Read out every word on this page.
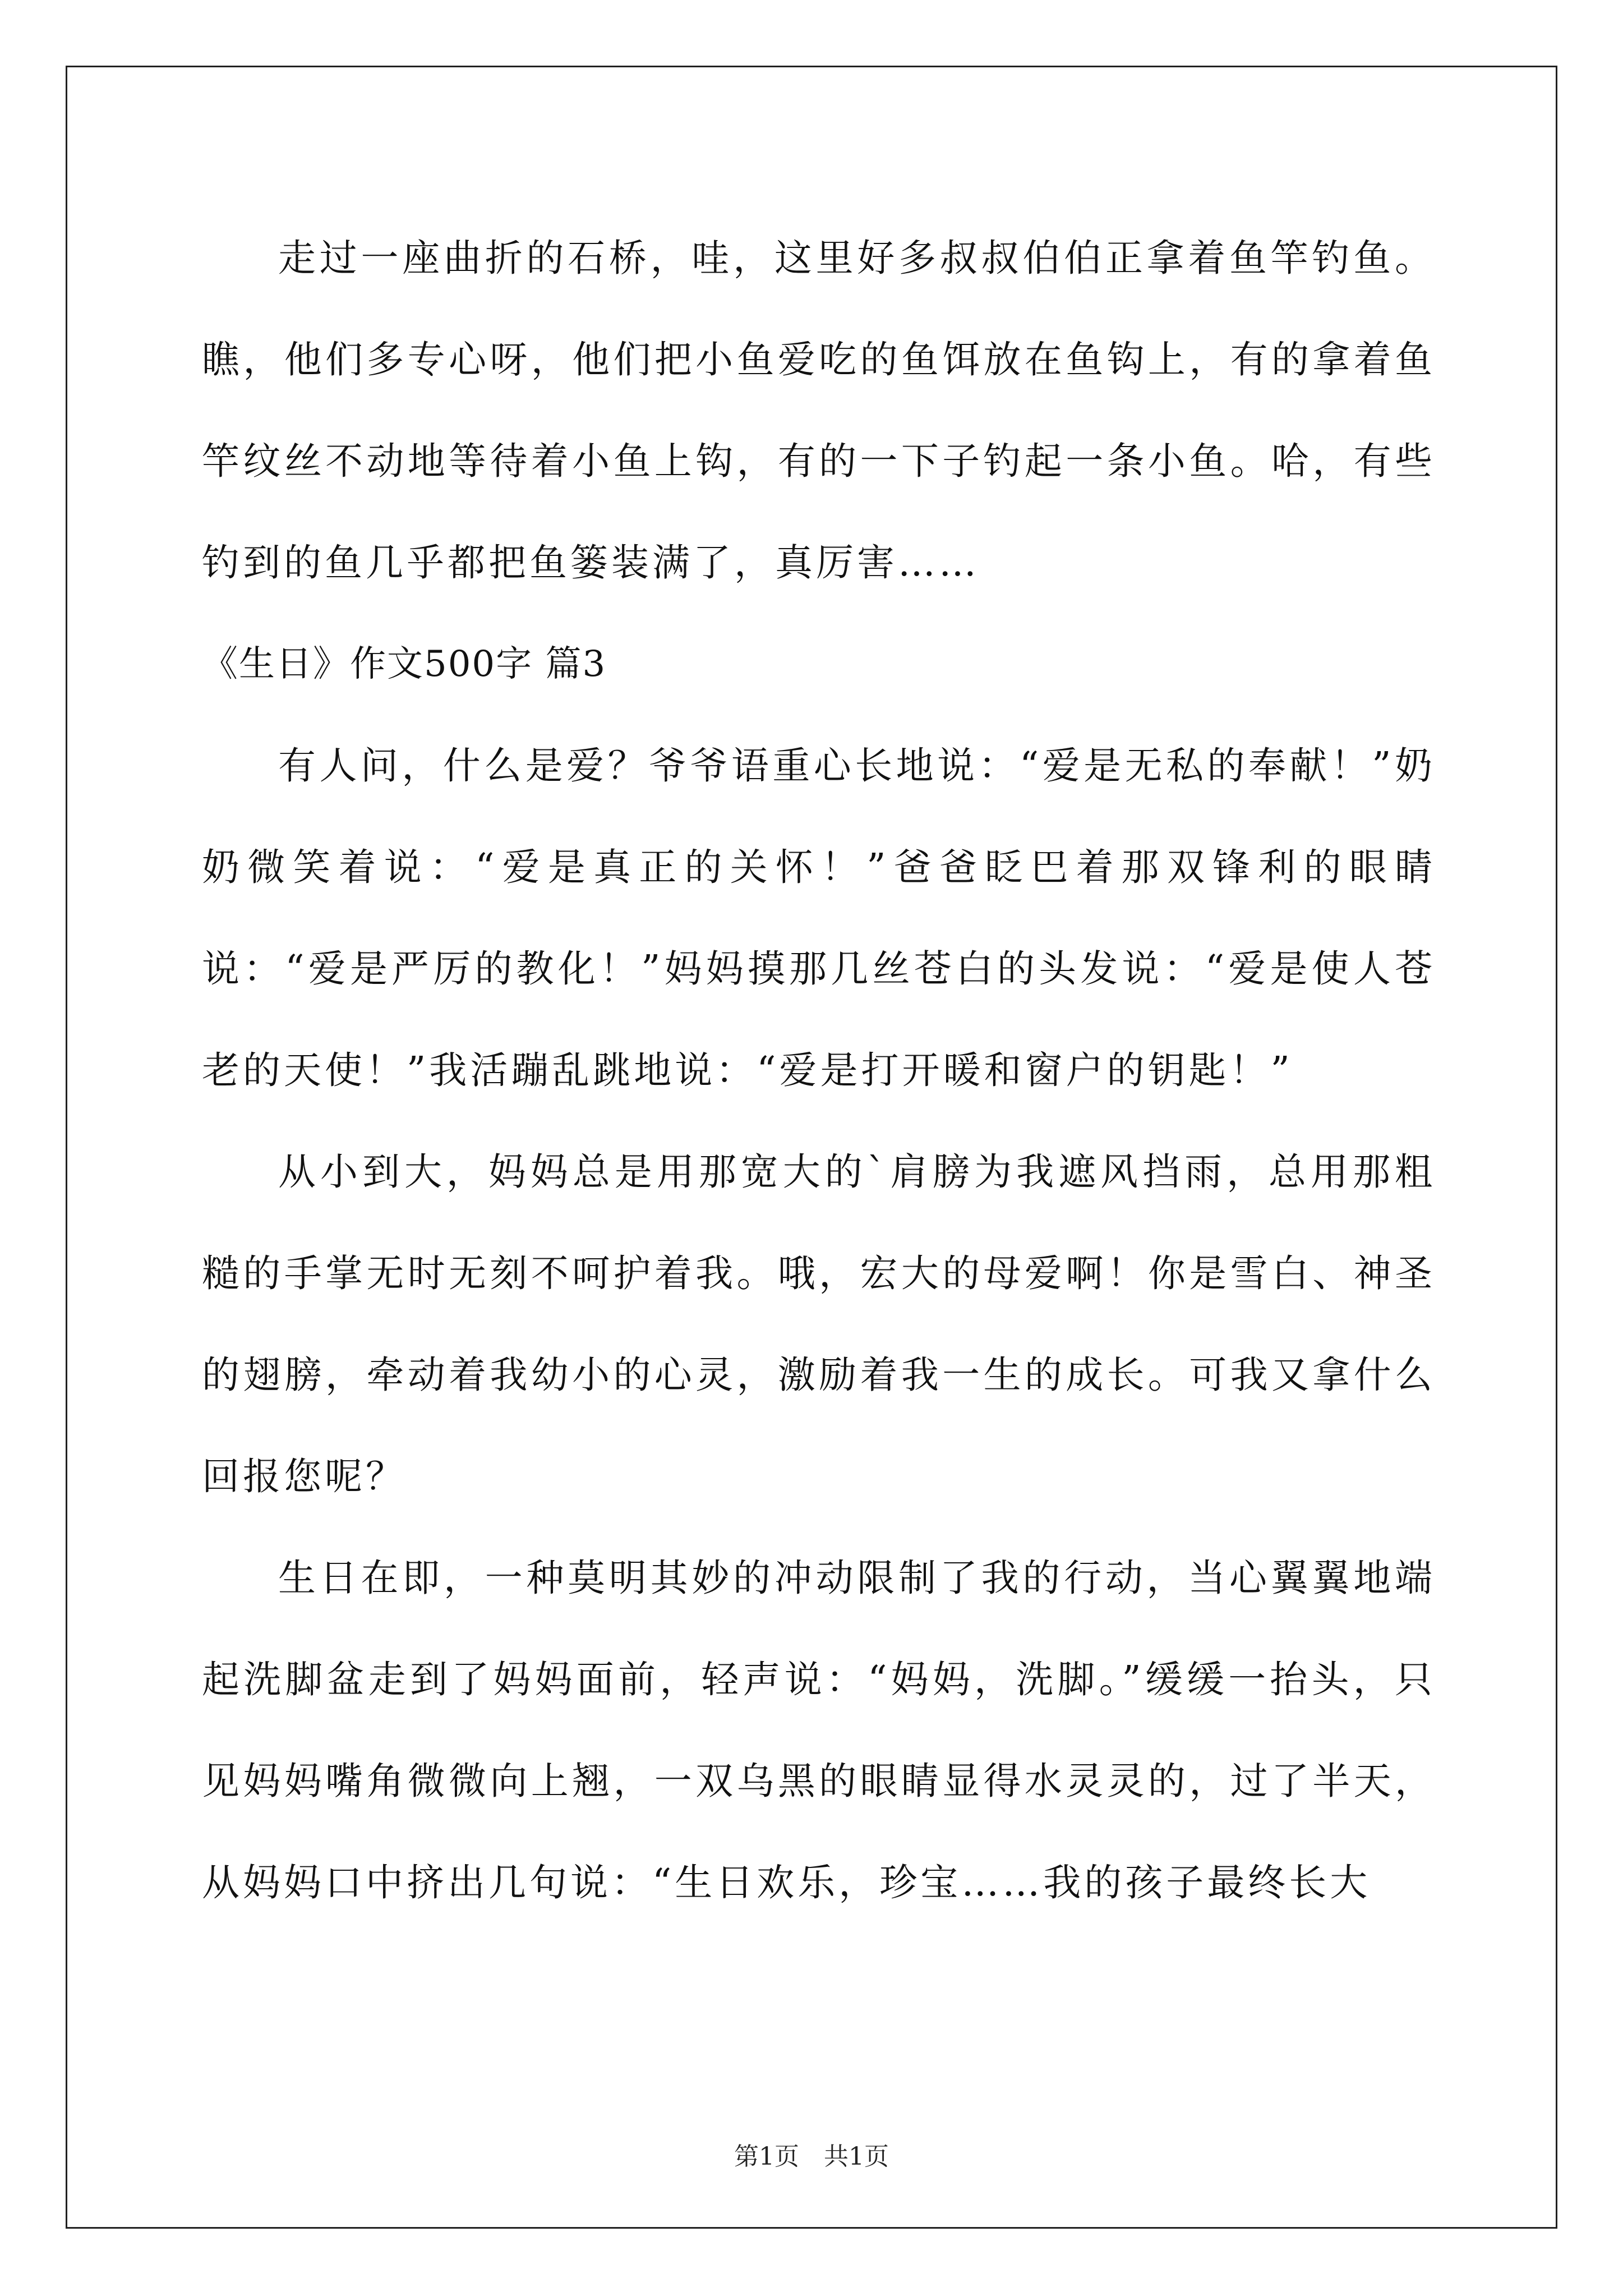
走过一座曲折的石桥，哇，这里好多叔叔伯伯正拿着鱼竿钓鱼。瞧，他们多专心呀，他们把小鱼爱吃的鱼饵放在鱼钩上，有的拿着鱼竿纹丝不动地等待着小鱼上钩，有的一下子钓起一条小鱼。哈，有些钓到的鱼几乎都把鱼篓装满了，真厉害……

《生日》作文500字 篇3

有人问，什么是爱？爷爷语重心长地说：“爱是无私的奉献！”奶奶微笑着说：“爱是真正的关怀！”爸爸眨巴着那双锋利的眼睛说：“爱是严厉的教化！”妈妈摸那几丝苍白的头发说：“爱是使人苍老的天使！”我活蹦乱跳地说：“爱是打开暖和窗户的钥匙！”

从小到大，妈妈总是用那宽大的`肩膀为我遮风挡雨，总用那粗糙的手掌无时无刻不呵护着我。哦，宏大的母爱啊！你是雪白、神圣的翅膀，牵动着我幼小的心灵，激励着我一生的成长。可我又拿什么回报您呢？

生日在即，一种莫明其妙的冲动限制了我的行动，当心翼翼地端起洗脚盆走到了妈妈面前，轻声说：“妈妈，洗脚。”缓缓一抬头，只见妈妈嘴角微微向上翘，一双乌黑的眼睛显得水灵灵的，过了半天，从妈妈口中挤出几句说：“生日欢乐，珍宝……我的孩子最终长大

第1页　共1页
